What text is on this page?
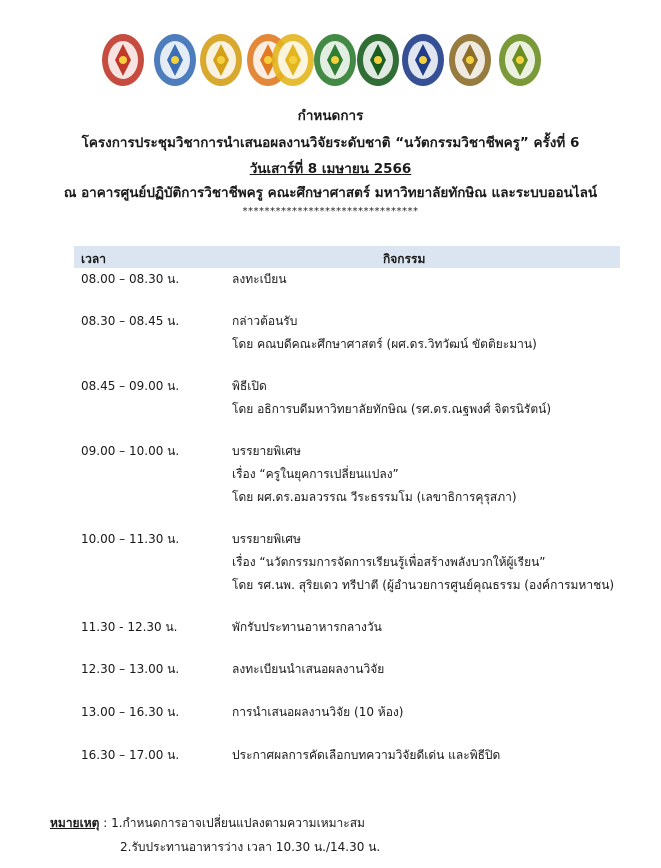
กำหนดการ
โครงการประชุมวิชาการนำเสนอผลงานวิจัยระดับชาติ “นวัตกรรมวิชาชีพครู” ครั้งที่ 6
วันเสาร์ที่ 8 เมษายน 2566
ณ อาคารศูนย์ปฏิบัติการวิชาชีพครู คณะศึกษาศาสตร์ มหาวิทยาลัยทักษิณ และระบบออนไลน์
********************************
เวลา	กิจกรรม
08.00 – 08.30 น.	ลงทะเบียน
08.30 – 08.45 น.	กล่าวต้อนรับ
โดย คณบดีคณะศึกษาศาสตร์ (ผศ.ดร.วิทวัฒน์ ขัตติยะมาน)
08.45 – 09.00 น.	พิธีเปิด
โดย อธิการบดีมหาวิทยาลัยทักษิณ (รศ.ดร.ณฐพงศ์ จิตรนิรัตน์)
09.00 – 10.00 น.	บรรยายพิเศษ
เรื่อง “ครูในยุคการเปลี่ยนแปลง”
โดย ผศ.ดร.อมลวรรณ วีระธรรมโม (เลขาธิการคุรุสภา)
10.00 – 11.30 น.	บรรยายพิเศษ
เรื่อง “นวัตกรรมการจัดการเรียนรู้เพื่อสร้างพลังบวกให้ผู้เรียน”
โดย รศ.นพ. สุริยเดว ทรีปาตี (ผู้อำนวยการศูนย์คุณธรรม (องค์การมหาชน)
11.30 - 12.30 น.	พักรับประทานอาหารกลางวัน
12.30 – 13.00 น.	ลงทะเบียนนำเสนอผลงานวิจัย
13.00 – 16.30 น.	การนำเสนอผลงานวิจัย (10 ห้อง)
16.30 – 17.00 น.	ประกาศผลการคัดเลือกบทความวิจัยดีเด่น และพิธีปิด
หมายเหตุ : 1.กำหนดการอาจเปลี่ยนแปลงตามความเหมาะสม
2.รับประทานอาหารว่าง เวลา 10.30 น./14.30 น.
